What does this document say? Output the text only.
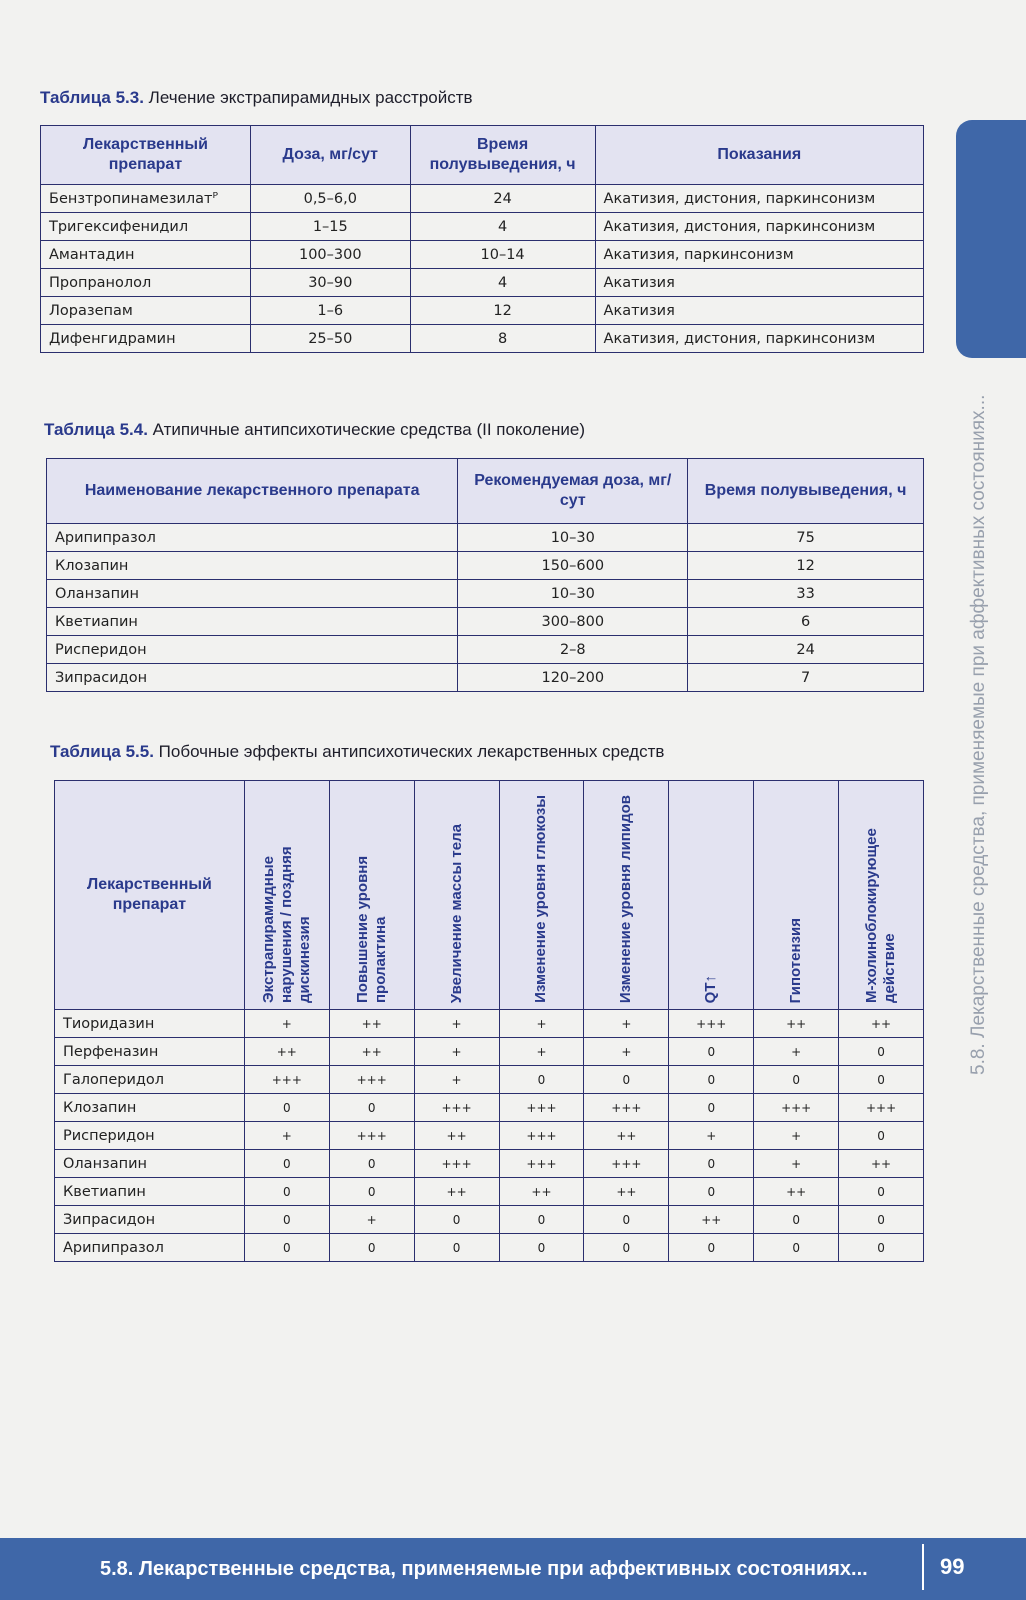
5.8. Лекарственные средства, применяемые при аффективных состояниях...
Таблица 5.3. Лечение экстрапирамидных расстройств
Лекарственный препарат	Доза, мг/сут	Время полувыведения, ч	Показания
Бензтропинамезилатᴾ	0,5–6,0	24	Акатизия, дистония, паркинсонизм
Тригексифенидил	1–15	4	Акатизия, дистония, паркинсонизм
Амантадин	100–300	10–14	Акатизия, паркинсонизм
Пропранолол	30–90	4	Акатизия
Лоразепам	1–6	12	Акатизия
Дифенгидрамин	25–50	8	Акатизия, дистония, паркинсонизм
Таблица 5.4. Атипичные антипсихотические средства (II поколение)
Наименование лекарственного препарата	Рекомендуемая доза, мг/сут	Время полувыведения, ч
Арипипразол	10–30	75
Клозапин	150–600	12
Оланзапин	10–30	33
Кветиапин	300–800	6
Рисперидон	2–8	24
Зипрасидон	120–200	7
Таблица 5.5. Побочные эффекты антипсихотических лекарственных средств
Лекарственный препарат	Экстрапирамидные нарушения / поздняя дискинезия	Повышение уровня пролактина	Увеличение массы тела	Изменение уровня глюкозы	Изменение уровня липидов	QT↑	Гипотензия	М-холиноблокирующее действие

Тиоридазин	+	++	+	+	+	+++	++	++
Перфеназин	++	++	+	+	+	0	+	0
Галоперидол	+++	+++	+	0	0	0	0	0
Клозапин	0	0	+++	+++	+++	0	+++	+++
Рисперидон	+	+++	++	+++	++	+	+	0
Оланзапин	0	0	+++	+++	+++	0	+	++
Кветиапин	0	0	++	++	++	0	++	0
Зипрасидон	0	+	0	0	0	++	0	0
Арипипразол	0	0	0	0	0	0	0	0
5.8. Лекарственные средства, применяемые при аффективных состояниях...	99
